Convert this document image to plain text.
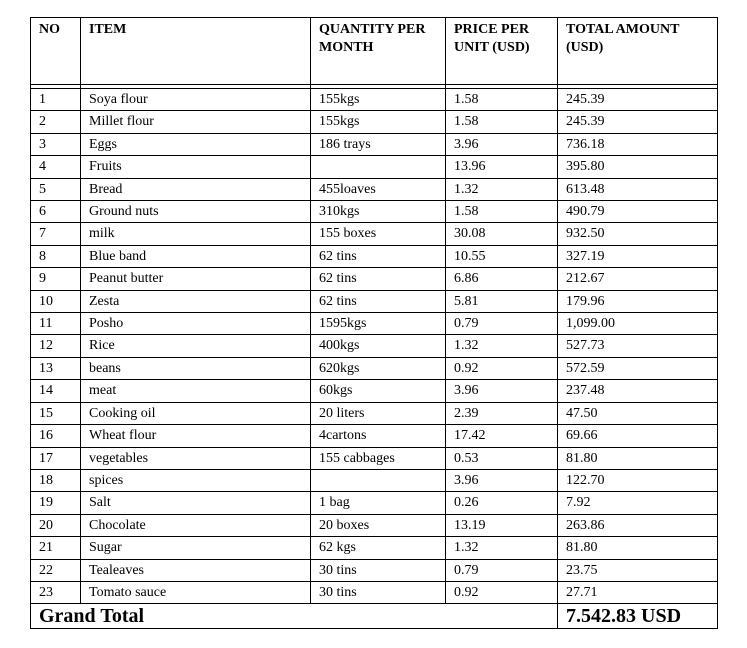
NO	ITEM	QUANTITY PER MONTH	PRICE PER UNIT (USD)	TOTAL AMOUNT (USD)

1	Soya flour	155kgs	1.58	245.39
2	Millet flour	155kgs	1.58	245.39
3	Eggs	186 trays	3.96	736.18
4	Fruits		13.96	395.80
5	Bread	455loaves	1.32	613.48
6	Ground nuts	310kgs	1.58	490.79
7	milk	155 boxes	30.08	932.50
8	Blue band	62 tins	10.55	327.19
9	Peanut butter	62 tins	6.86	212.67
10	Zesta	62 tins	5.81	179.96
11	Posho	1595kgs	0.79	1,099.00
12	Rice	400kgs	1.32	527.73
13	beans	620kgs	0.92	572.59
14	meat	60kgs	3.96	237.48
15	Cooking oil	20 liters	2.39	47.50
16	Wheat flour	4cartons	17.42	69.66
17	vegetables	155 cabbages	0.53	81.80
18	spices		3.96	122.70
19	Salt	1 bag	0.26	7.92
20	Chocolate	20 boxes	13.19	263.86
21	Sugar	62 kgs	1.32	81.80
22	Tealeaves	30 tins	0.79	23.75
23	Tomato sauce	30 tins	0.92	27.71
Grand Total				7.542.83 USD
